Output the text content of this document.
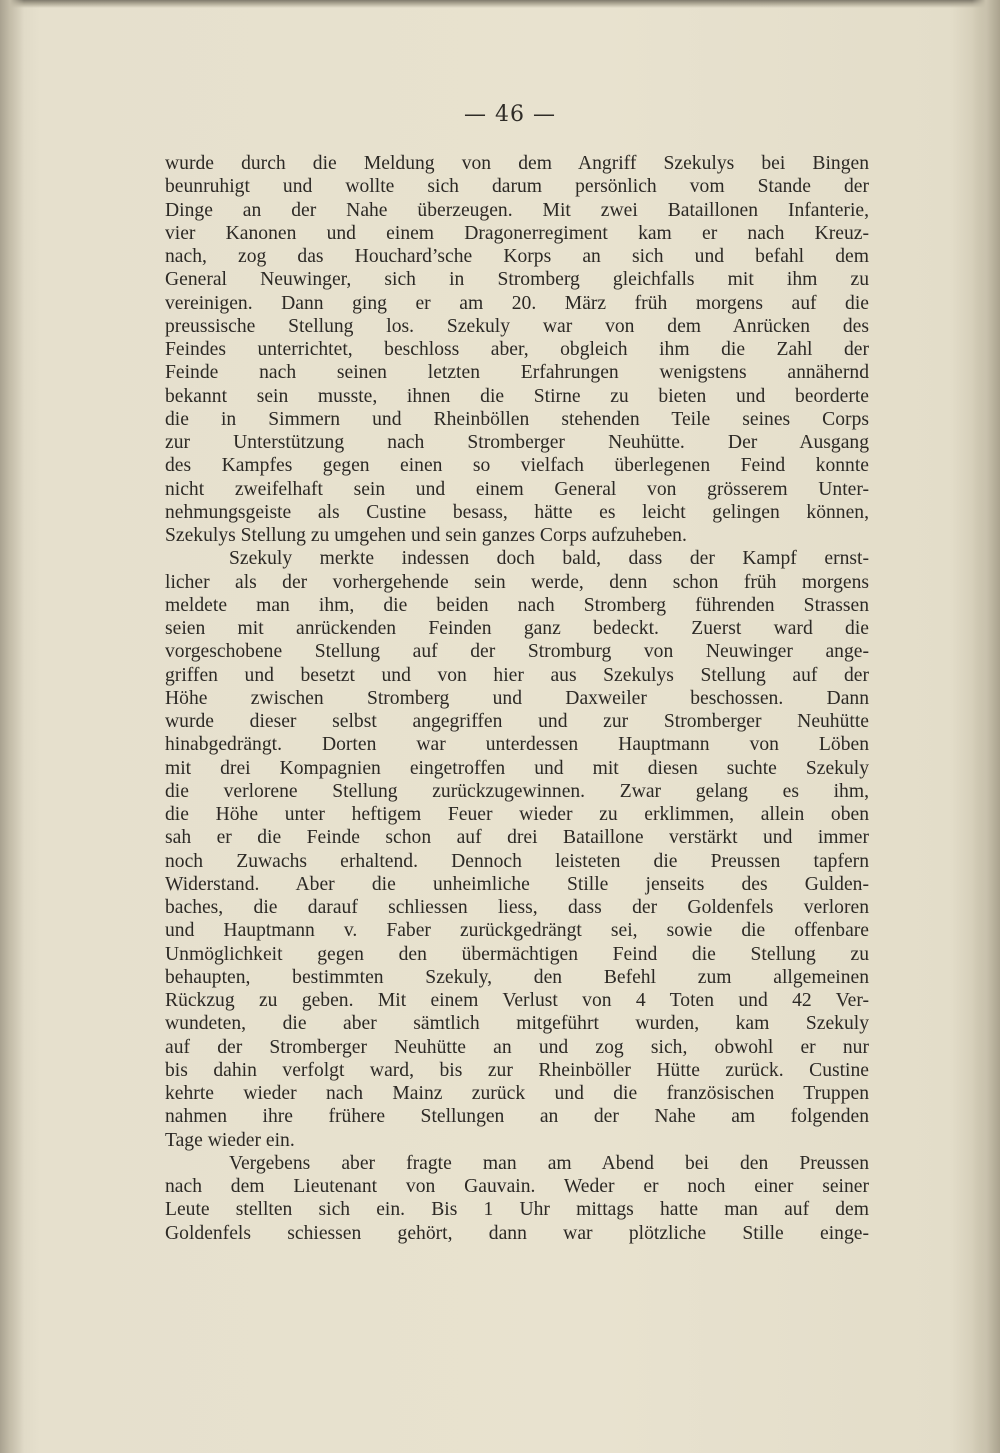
— 46 —
wurde durch die Meldung von dem Angriff Szekulys bei Bingen
beunruhigt und wollte sich darum persönlich vom Stande der
Dinge an der Nahe überzeugen. Mit zwei Bataillonen Infanterie,
vier Kanonen und einem Dragonerregiment kam er nach Kreuz-
nach, zog das Houchard’sche Korps an sich und befahl dem
General Neuwinger, sich in Stromberg gleichfalls mit ihm zu
vereinigen. Dann ging er am 20. März früh morgens auf die
preussische Stellung los. Szekuly war von dem Anrücken des
Feindes unterrichtet, beschloss aber, obgleich ihm die Zahl der
Feinde nach seinen letzten Erfahrungen wenigstens annähernd
bekannt sein musste, ihnen die Stirne zu bieten und beorderte
die in Simmern und Rheinböllen stehenden Teile seines Corps
zur Unterstützung nach Stromberger Neuhütte. Der Ausgang
des Kampfes gegen einen so vielfach überlegenen Feind konnte
nicht zweifelhaft sein und einem General von grösserem Unter-
nehmungsgeiste als Custine besass, hätte es leicht gelingen können,
Szekulys Stellung zu umgehen und sein ganzes Corps aufzuheben.
Szekuly merkte indessen doch bald, dass der Kampf ernst-
licher als der vorhergehende sein werde, denn schon früh morgens
meldete man ihm, die beiden nach Stromberg führenden Strassen
seien mit anrückenden Feinden ganz bedeckt. Zuerst ward die
vorgeschobene Stellung auf der Stromburg von Neuwinger ange-
griffen und besetzt und von hier aus Szekulys Stellung auf der
Höhe zwischen Stromberg und Daxweiler beschossen. Dann
wurde dieser selbst angegriffen und zur Stromberger Neuhütte
hinabgedrängt. Dorten war unterdessen Hauptmann von Löben
mit drei Kompagnien eingetroffen und mit diesen suchte Szekuly
die verlorene Stellung zurückzugewinnen. Zwar gelang es ihm,
die Höhe unter heftigem Feuer wieder zu erklimmen, allein oben
sah er die Feinde schon auf drei Bataillone verstärkt und immer
noch Zuwachs erhaltend. Dennoch leisteten die Preussen tapfern
Widerstand. Aber die unheimliche Stille jenseits des Gulden-
baches, die darauf schliessen liess, dass der Goldenfels verloren
und Hauptmann v. Faber zurückgedrängt sei, sowie die offenbare
Unmöglichkeit gegen den übermächtigen Feind die Stellung zu
behaupten, bestimmten Szekuly, den Befehl zum allgemeinen
Rückzug zu geben. Mit einem Verlust von 4 Toten und 42 Ver-
wundeten, die aber sämtlich mitgeführt wurden, kam Szekuly
auf der Stromberger Neuhütte an und zog sich, obwohl er nur
bis dahin verfolgt ward, bis zur Rheinböller Hütte zurück. Custine
kehrte wieder nach Mainz zurück und die französischen Truppen
nahmen ihre frühere Stellungen an der Nahe am folgenden
Tage wieder ein.
Vergebens aber fragte man am Abend bei den Preussen
nach dem Lieutenant von Gauvain. Weder er noch einer seiner
Leute stellten sich ein. Bis 1 Uhr mittags hatte man auf dem
Goldenfels schiessen gehört, dann war plötzliche Stille einge-
